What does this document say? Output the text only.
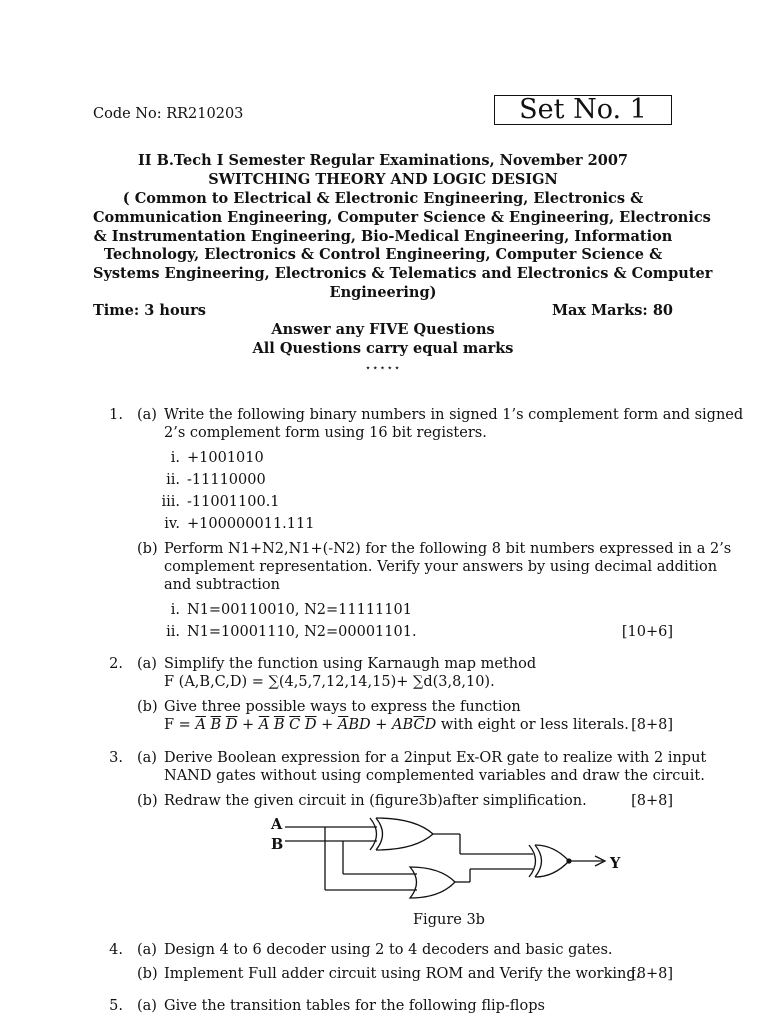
Code No: RR210203	Set No. 1
II B.Tech I Semester Regular Examinations, November 2007
SWITCHING THEORY AND LOGIC DESIGN
( Common to Electrical & Electronic Engineering, Electronics &
Communication Engineering, Computer Science & Engineering, Electronics
& Instrumentation Engineering, Bio-Medical Engineering, Information
Technology, Electronics & Control Engineering, Computer Science &
Systems Engineering, Electronics & Telematics and Electronics & Computer
Engineering)
Time: 3 hours	Max Marks: 80
Answer any FIVE Questions
All Questions carry equal marks
⋆⋆⋆⋆⋆
1. (a) Write the following binary numbers in signed 1’s complement form and signed
2’s complement form using 16 bit registers.
i. +1001010
ii. -11110000
iii. -11001100.1
iv. +100000011.111
(b) Perform N1+N2,N1+(-N2) for the following 8 bit numbers expressed in a 2’s
complement representation. Verify your answers by using decimal addition
and subtraction
i. N1=00110010, N2=11111101
ii. N1=10001110, N2=00001101.	[10+6]
2. (a) Simplify the function using Karnaugh map method
F (A,B,C,D) = ∑(4,5,7,12,14,15)+ ∑d(3,8,10).
(b) Give three possible ways to express the function
$F = \overline{A}$ $\overline{B}$ $\overline{D} + \overline{A}$ $\overline{B}$ $\overline{C}$ $\overline{D} + \overline{A}BD + AB\overline{C}D$ with eight or less literals. [8+8]
3. (a) Derive Boolean expression for a 2input Ex-OR gate to realize with 2 input
NAND gates without using complemented variables and draw the circuit.
(b) Redraw the given circuit in (figure3b)after simplification.	[8+8]
A
B
Y
Figure 3b
4. (a) Design 4 to 6 decoder using 2 to 4 decoders and basic gates.
(b) Implement Full adder circuit using ROM and Verify the working.
[8+8]
5. (a) Give the transition tables for the following flip-flops
